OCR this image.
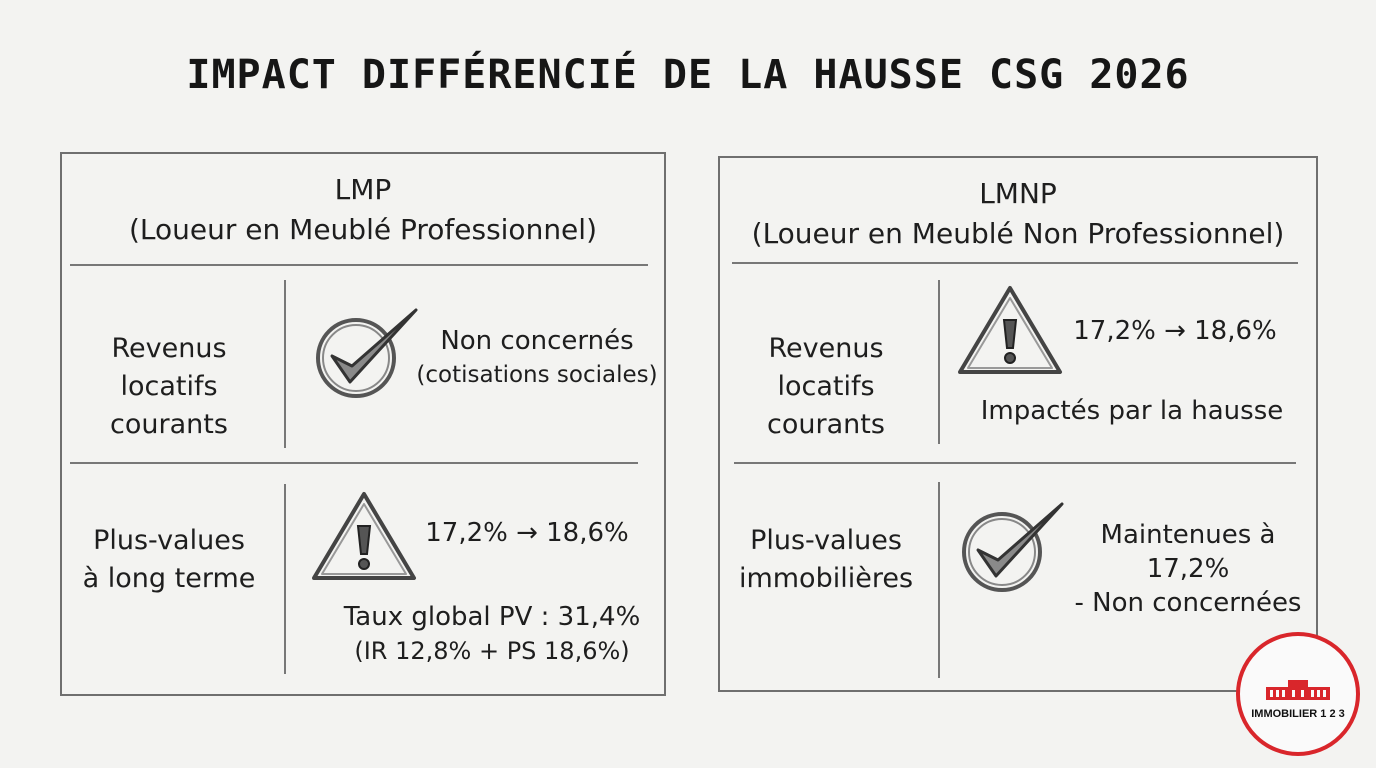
IMPACT DIFFÉRENCIÉ DE LA HAUSSE CSG 2026
LMP
(Loueur en Meublé Professionnel)
Revenus locatifs
courants
Non concernés
(cotisations sociales)
Plus-values
à long terme
17,2% → 18,6%
Taux global PV : 31,4%
(IR 12,8% + PS 18,6%)
LMNP
(Loueur en Meublé Non Professionnel)
Revenus locatifs
courants
17,2% → 18,6%
Impactés par la hausse
Plus-values
immobilières
Maintenues à 17,2%
- Non concernées
IMMOBILIER 1 2 3
